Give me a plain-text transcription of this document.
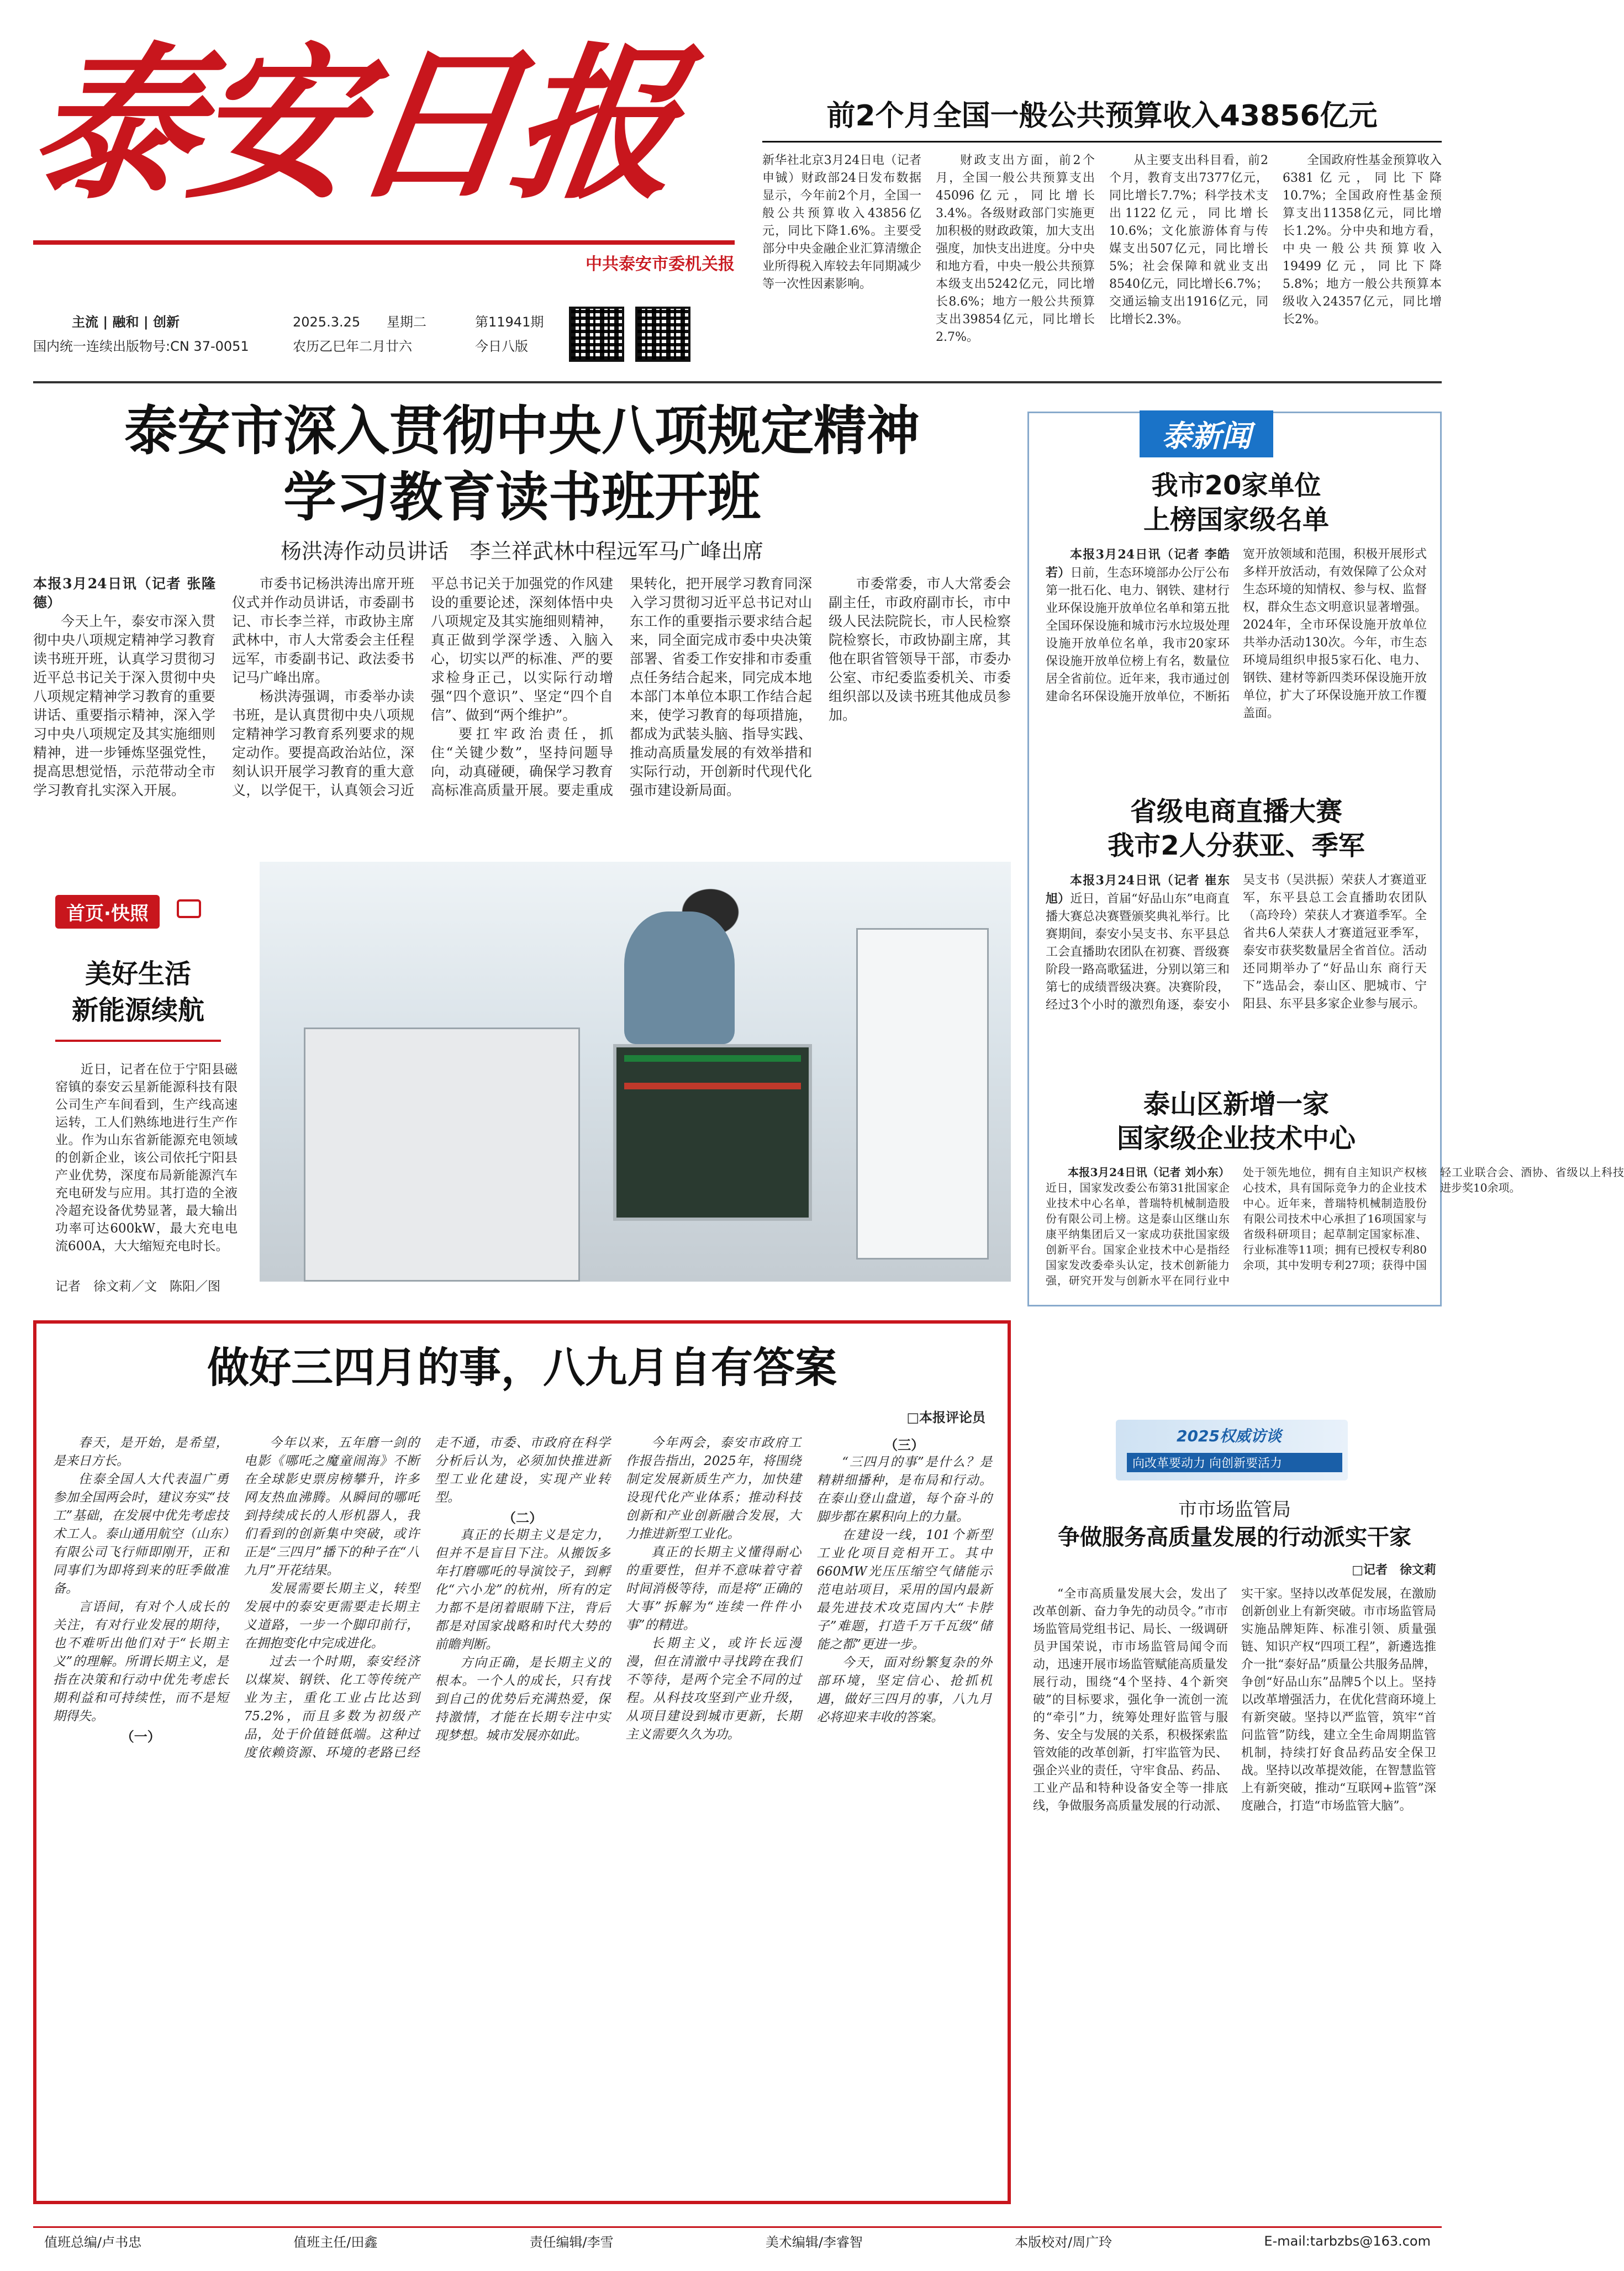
泰安日报
中共泰安市委机关报
主流 | 融和 | 创新
国内统一连续出版物号:CN 37-0051
2025.3.25 星期二	第11941期
农历乙巳年二月廿六	今日八版
前2个月全国一般公共预算收入43856亿元

新华社北京3月24日电（记者 申铖）财政部24日发布数据显示，今年前2个月，全国一般公共预算收入43856亿元，同比下降1.6%。主要受部分中央金融企业汇算清缴企业所得税入库较去年同期减少等一次性因素影响。

财政支出方面，前2个月，全国一般公共预算支出45096亿元，同比增长3.4%。各级财政部门实施更加积极的财政政策，加大支出强度，加快支出进度。分中央和地方看，中央一般公共预算本级支出5242亿元，同比增长8.6%；地方一般公共预算支出39854亿元，同比增长2.7%。

从主要支出科目看，前2个月，教育支出7377亿元，同比增长7.7%；科学技术支出1122亿元，同比增长10.6%；文化旅游体育与传媒支出507亿元，同比增长5%；社会保障和就业支出8540亿元，同比增长6.7%；交通运输支出1916亿元，同比增长2.3%。

全国政府性基金预算收入6381亿元，同比下降10.7%；全国政府性基金预算支出11358亿元，同比增长1.2%。分中央和地方看，中央一般公共预算收入19499亿元，同比下降5.8%；地方一般公共预算本级收入24357亿元，同比增长2%。

泰安市深入贯彻中央八项规定精神
学习教育读书班开班
杨洪涛作动员讲话　李兰祥武林中程远军马广峰出席

本报3月24日讯（记者 张隆德）

今天上午，泰安市深入贯彻中央八项规定精神学习教育读书班开班，认真学习贯彻习近平总书记关于深入贯彻中央八项规定精神学习教育的重要讲话、重要指示精神，深入学习中央八项规定及其实施细则精神，进一步锤炼坚强党性，提高思想觉悟，示范带动全市学习教育扎实深入开展。

市委书记杨洪涛出席开班仪式并作动员讲话，市委副书记、市长李兰祥，市政协主席武林中，市人大常委会主任程远军，市委副书记、政法委书记马广峰出席。

杨洪涛强调，市委举办读书班，是认真贯彻中央八项规定精神学习教育系列要求的规定动作。要提高政治站位，深刻认识开展学习教育的重大意义，以学促干，认真领会习近平总书记关于加强党的作风建设的重要论述，深刻体悟中央八项规定及其实施细则精神，真正做到学深学透、入脑入心，切实以严的标准、严的要求检身正己，以实际行动增强“四个意识”、坚定“四个自信”、做到“两个维护”。

要扛牢政治责任，抓住“关键少数”，坚持问题导向，动真碰硬，确保学习教育高标准高质量开展。要走重成果转化，把开展学习教育同深入学习贯彻习近平总书记对山东工作的重要指示要求结合起来，同全面完成市委中央决策部署、省委工作安排和市委重点任务结合起来，同完成本地本部门本单位本职工作结合起来，使学习教育的每项措施，都成为武装头脑、指导实践、推动高质量发展的有效举措和实际行动，开创新时代现代化强市建设新局面。

市委常委，市人大常委会副主任，市政府副市长，市中级人民法院院长，市人民检察院检察长，市政协副主席，其他在职省管领导干部，市委办公室、市纪委监委机关、市委组织部以及读书班其他成员参加。

首页·快照
美好生活
新能源续航

近日，记者在位于宁阳县磁窑镇的泰安云星新能源科技有限公司生产车间看到，生产线高速运转，工人们熟练地进行生产作业。作为山东省新能源充电领域的创新企业，该公司依托宁阳县产业优势，深度布局新能源汽车充电研发与应用。其打造的全液冷超充设备优势显著，最大输出功率可达600kW，最大充电电流600A，大大缩短充电时长。

记者　徐文莉／文　陈阳／图
泰新闻
我市20家单位
上榜国家级名单

本报3月24日讯（记者 李皓若）日前，生态环境部办公厅公布第一批石化、电力、钢铁、建材行业环保设施开放单位名单和第五批全国环保设施和城市污水垃圾处理设施开放单位名单，我市20家环保设施开放单位榜上有名，数量位居全省前位。近年来，我市通过创建命名环保设施开放单位，不断拓宽开放领域和范围，积极开展形式多样开放活动，有效保障了公众对生态环境的知情权、参与权、监督权，群众生态文明意识显著增强。2024年，全市环保设施开放单位共举办活动130次。今年，市生态环境局组织申报5家石化、电力、钢铁、建材等新四类环保设施开放单位，扩大了环保设施开放工作覆盖面。

省级电商直播大赛
我市2人分获亚、季军

本报3月24日讯（记者 崔东旭）近日，首届“好品山东”电商直播大赛总决赛暨颁奖典礼举行。比赛期间，泰安小吴支书、东平县总工会直播助农团队在初赛、晋级赛阶段一路高歌猛进，分别以第三和第七的成绩晋级决赛。决赛阶段，经过3个小时的激烈角逐，泰安小吴支书（吴洪振）荣获人才赛道亚军，东平县总工会直播助农团队（高玲玲）荣获人才赛道季军。全省共6人荣获人才赛道冠亚季军，泰安市获奖数量居全省首位。活动还同期举办了“好品山东 商行天下”选品会，泰山区、肥城市、宁阳县、东平县多家企业参与展示。

泰山区新增一家
国家级企业技术中心

本报3月24日讯（记者 刘小东）近日，国家发改委公布第31批国家企业技术中心名单，普瑞特机械制造股份有限公司上榜。这是泰山区继山东康平纳集团后又一家成功获批国家级创新平台。国家企业技术中心是指经国家发改委牵头认定，技术创新能力强，研究开发与创新水平在同行业中处于领先地位，拥有自主知识产权核心技术，具有国际竞争力的企业技术中心。近年来，普瑞特机械制造股份有限公司技术中心承担了16项国家与省级科研项目；起草制定国家标准、行业标准等11项；拥有已授权专利80余项，其中发明专利27项；获得中国轻工业联合会、酒协、省级以上科技进步奖10余项。

做好三四月的事，八九月自有答案
□本报评论员

春天，是开始，是希望，是来日方长。

住泰全国人大代表温广勇参加全国两会时，建议夯实“技工”基础，在发展中优先考虑技术工人。泰山通用航空（山东）有限公司飞行师即刚开，正和同事们为即将到来的旺季做准备。

言语间，有对个人成长的关注，有对行业发展的期待，也不难听出他们对于“长期主义”的理解。所谓长期主义，是指在决策和行动中优先考虑长期利益和可持续性，而不是短期得失。

（一）

今年以来，五年磨一剑的电影《哪吒之魔童闹海》不断在全球影史票房榜攀升，许多网友热血沸腾。从瞬间的哪吒到持续成长的人形机器人，我们看到的创新集中突破，或许正是“三四月”播下的种子在“八九月”开花结果。

发展需要长期主义，转型发展中的泰安更需要走长期主义道路，一步一个脚印前行，在拥抱变化中完成进化。

过去一个时期，泰安经济以煤炭、钢铁、化工等传统产业为主，重化工业占比达到75.2%，而且多数为初级产品，处于价值链低端。这种过度依赖资源、环境的老路已经走不通，市委、市政府在科学分析后认为，必须加快推进新型工业化建设，实现产业转型。

（二）

真正的长期主义是定力，但并不是盲目下注。从搬饭多年打磨哪吒的导演饺子，到孵化“六小龙”的杭州，所有的定力都不是闭着眼睛下注，背后都是对国家战略和时代大势的前瞻判断。

方向正确，是长期主义的根本。一个人的成长，只有找到自己的优势后充满热爱，保持激情，才能在长期专注中实现梦想。城市发展亦如此。

今年两会，泰安市政府工作报告指出，2025年，将围绕制定发展新质生产力，加快建设现代化产业体系；推动科技创新和产业创新融合发展，大力推进新型工业化。

真正的长期主义懂得耐心的重要性，但并不意味着守着时间消极等待，而是将“正确的大事”拆解为“连续一件件小事”的精进。

长期主义，或许长远漫漫，但在清澈中寻找跨在我们不等待，是两个完全不同的过程。从科技攻坚到产业升级，从项目建设到城市更新，长期主义需要久久为功。

（三）

“三四月的事”是什么？是精耕细播种，是布局和行动。在泰山登山盘道，每个奋斗的脚步都在累积向上的力量。

在建设一线，101个新型工业化项目竞相开工。其中660MW光压压缩空气储能示范电站项目，采用的国内最新最先进技术攻克国内大“卡脖子”难题，打造千万千瓦级“储能之都”更进一步。

今天，面对纷繁复杂的外部环境，坚定信心、抢抓机遇，做好三四月的事，八九月必将迎来丰收的答案。

2025权威访谈
向改革要动力 向创新要活力
市市场监管局
争做服务高质量发展的行动派实干家
□记者　徐文莉

“全市高质量发展大会，发出了改革创新、奋力争先的动员令。”市市场监管局党组书记、局长、一级调研员尹国荣说，市市场监管局闻令而动，迅速开展市场监管赋能高质量发展行动，围绕“4个坚持、4个新突破”的目标要求，强化争一流创一流的“牵引”力，统筹处理好监管与服务、安全与发展的关系，积极探索监管效能的改革创新，打牢监管为民、强企兴业的责任，守牢食品、药品、工业产品和特种设备安全等一排底线，争做服务高质量发展的行动派、实干家。坚持以改革促发展，在激励创新创业上有新突破。市市场监管局实施品牌矩阵、标准引领、质量强链、知识产权“四项工程”，新遴选推介一批“泰好品”质量公共服务品牌，争创“好品山东”品牌5个以上。坚持以改革增强活力，在优化营商环境上有新突破。坚持以严监管，筑牢“首问监管”防线，建立全生命周期监管机制，持续打好食品药品安全保卫战。坚持以改革提效能，在智慧监管上有新突破，推动“互联网+监管”深度融合，打造“市场监管大脑”。

值班总编/卢书忠	值班主任/田鑫	责任编辑/李雪	美术编辑/李睿智	本版校对/周广玲	E-mail:tarbzbs@163.com
